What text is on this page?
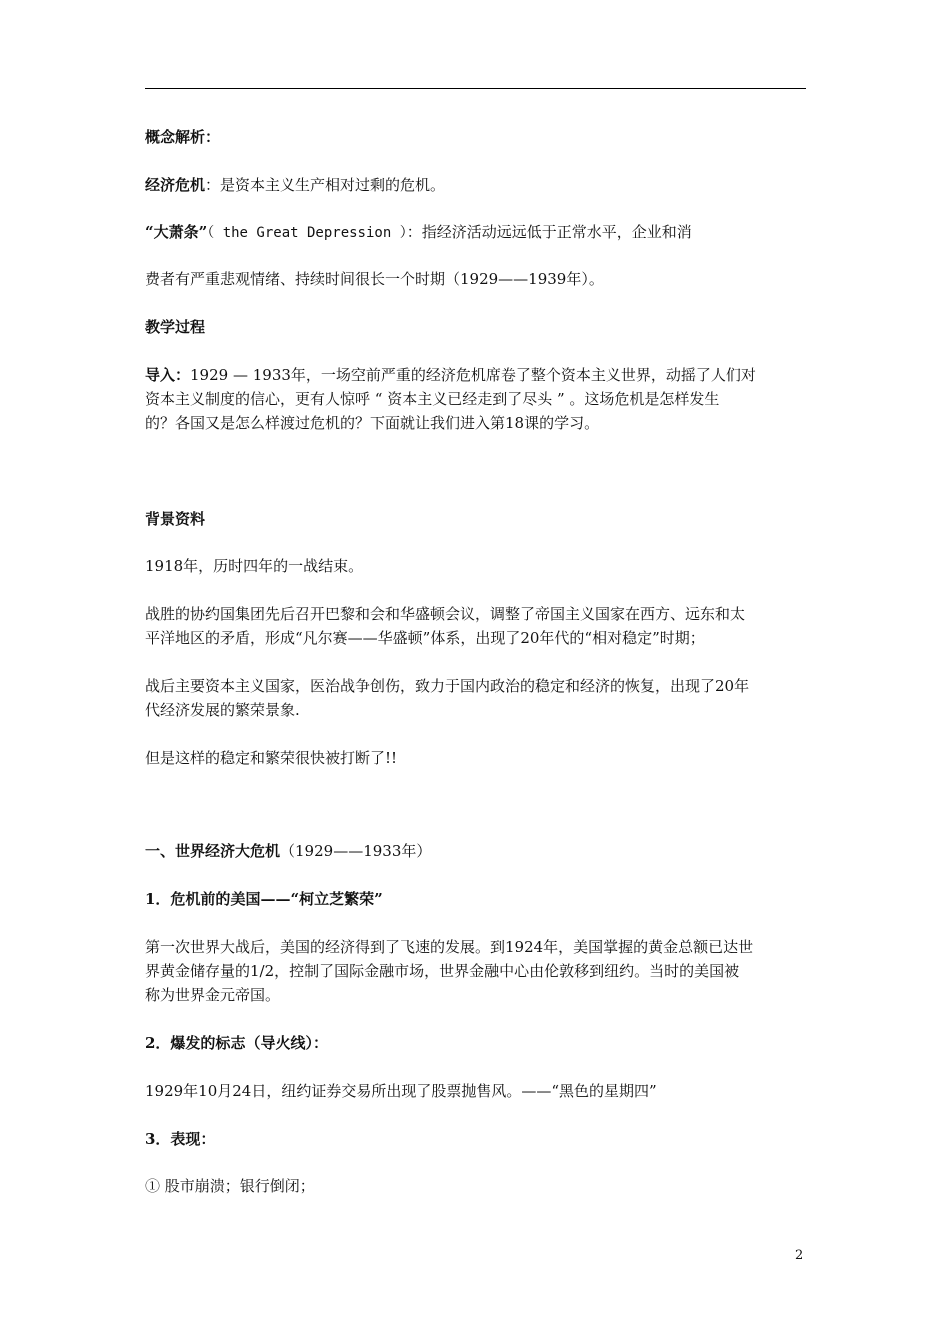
概念解析：
经济危机：是资本主义生产相对过剩的危机。
“大萧条”（ the Great Depression ）：指经济活动远远低于正常水平，企业和消
费者有严重悲观情绪、持续时间很长一个时期（1929——1939年）。
教学过程
导入：1929 — 1933年，一场空前严重的经济危机席卷了整个资本主义世界，动摇了人们对
资本主义制度的信心，更有人惊呼 “ 资本主义已经走到了尽头 ” 。这场危机是怎样发生
的？各国又是怎么样渡过危机的？下面就让我们进入第18课的学习。
背景资料
1918年，历时四年的一战结束。
战胜的协约国集团先后召开巴黎和会和华盛顿会议，调整了帝国主义国家在西方、远东和太
平洋地区的矛盾，形成“凡尔赛——华盛顿”体系，出现了20年代的“相对稳定”时期；
战后主要资本主义国家，医治战争创伤，致力于国内政治的稳定和经济的恢复，出现了20年
代经济发展的繁荣景象.
但是这样的稳定和繁荣很快被打断了!!
一、世界经济大危机（1929——1933年）
1．危机前的美国——“柯立芝繁荣”
第一次世界大战后，美国的经济得到了飞速的发展。到1924年，美国掌握的黄金总额已达世
界黄金储存量的1/2，控制了国际金融市场，世界金融中心由伦敦移到纽约。当时的美国被
称为世界金元帝国。
2．爆发的标志（导火线）：
1929年10月24日，纽约证券交易所出现了股票抛售风。——“黑色的星期四”
3．表现：
① 股市崩溃；银行倒闭；
2
